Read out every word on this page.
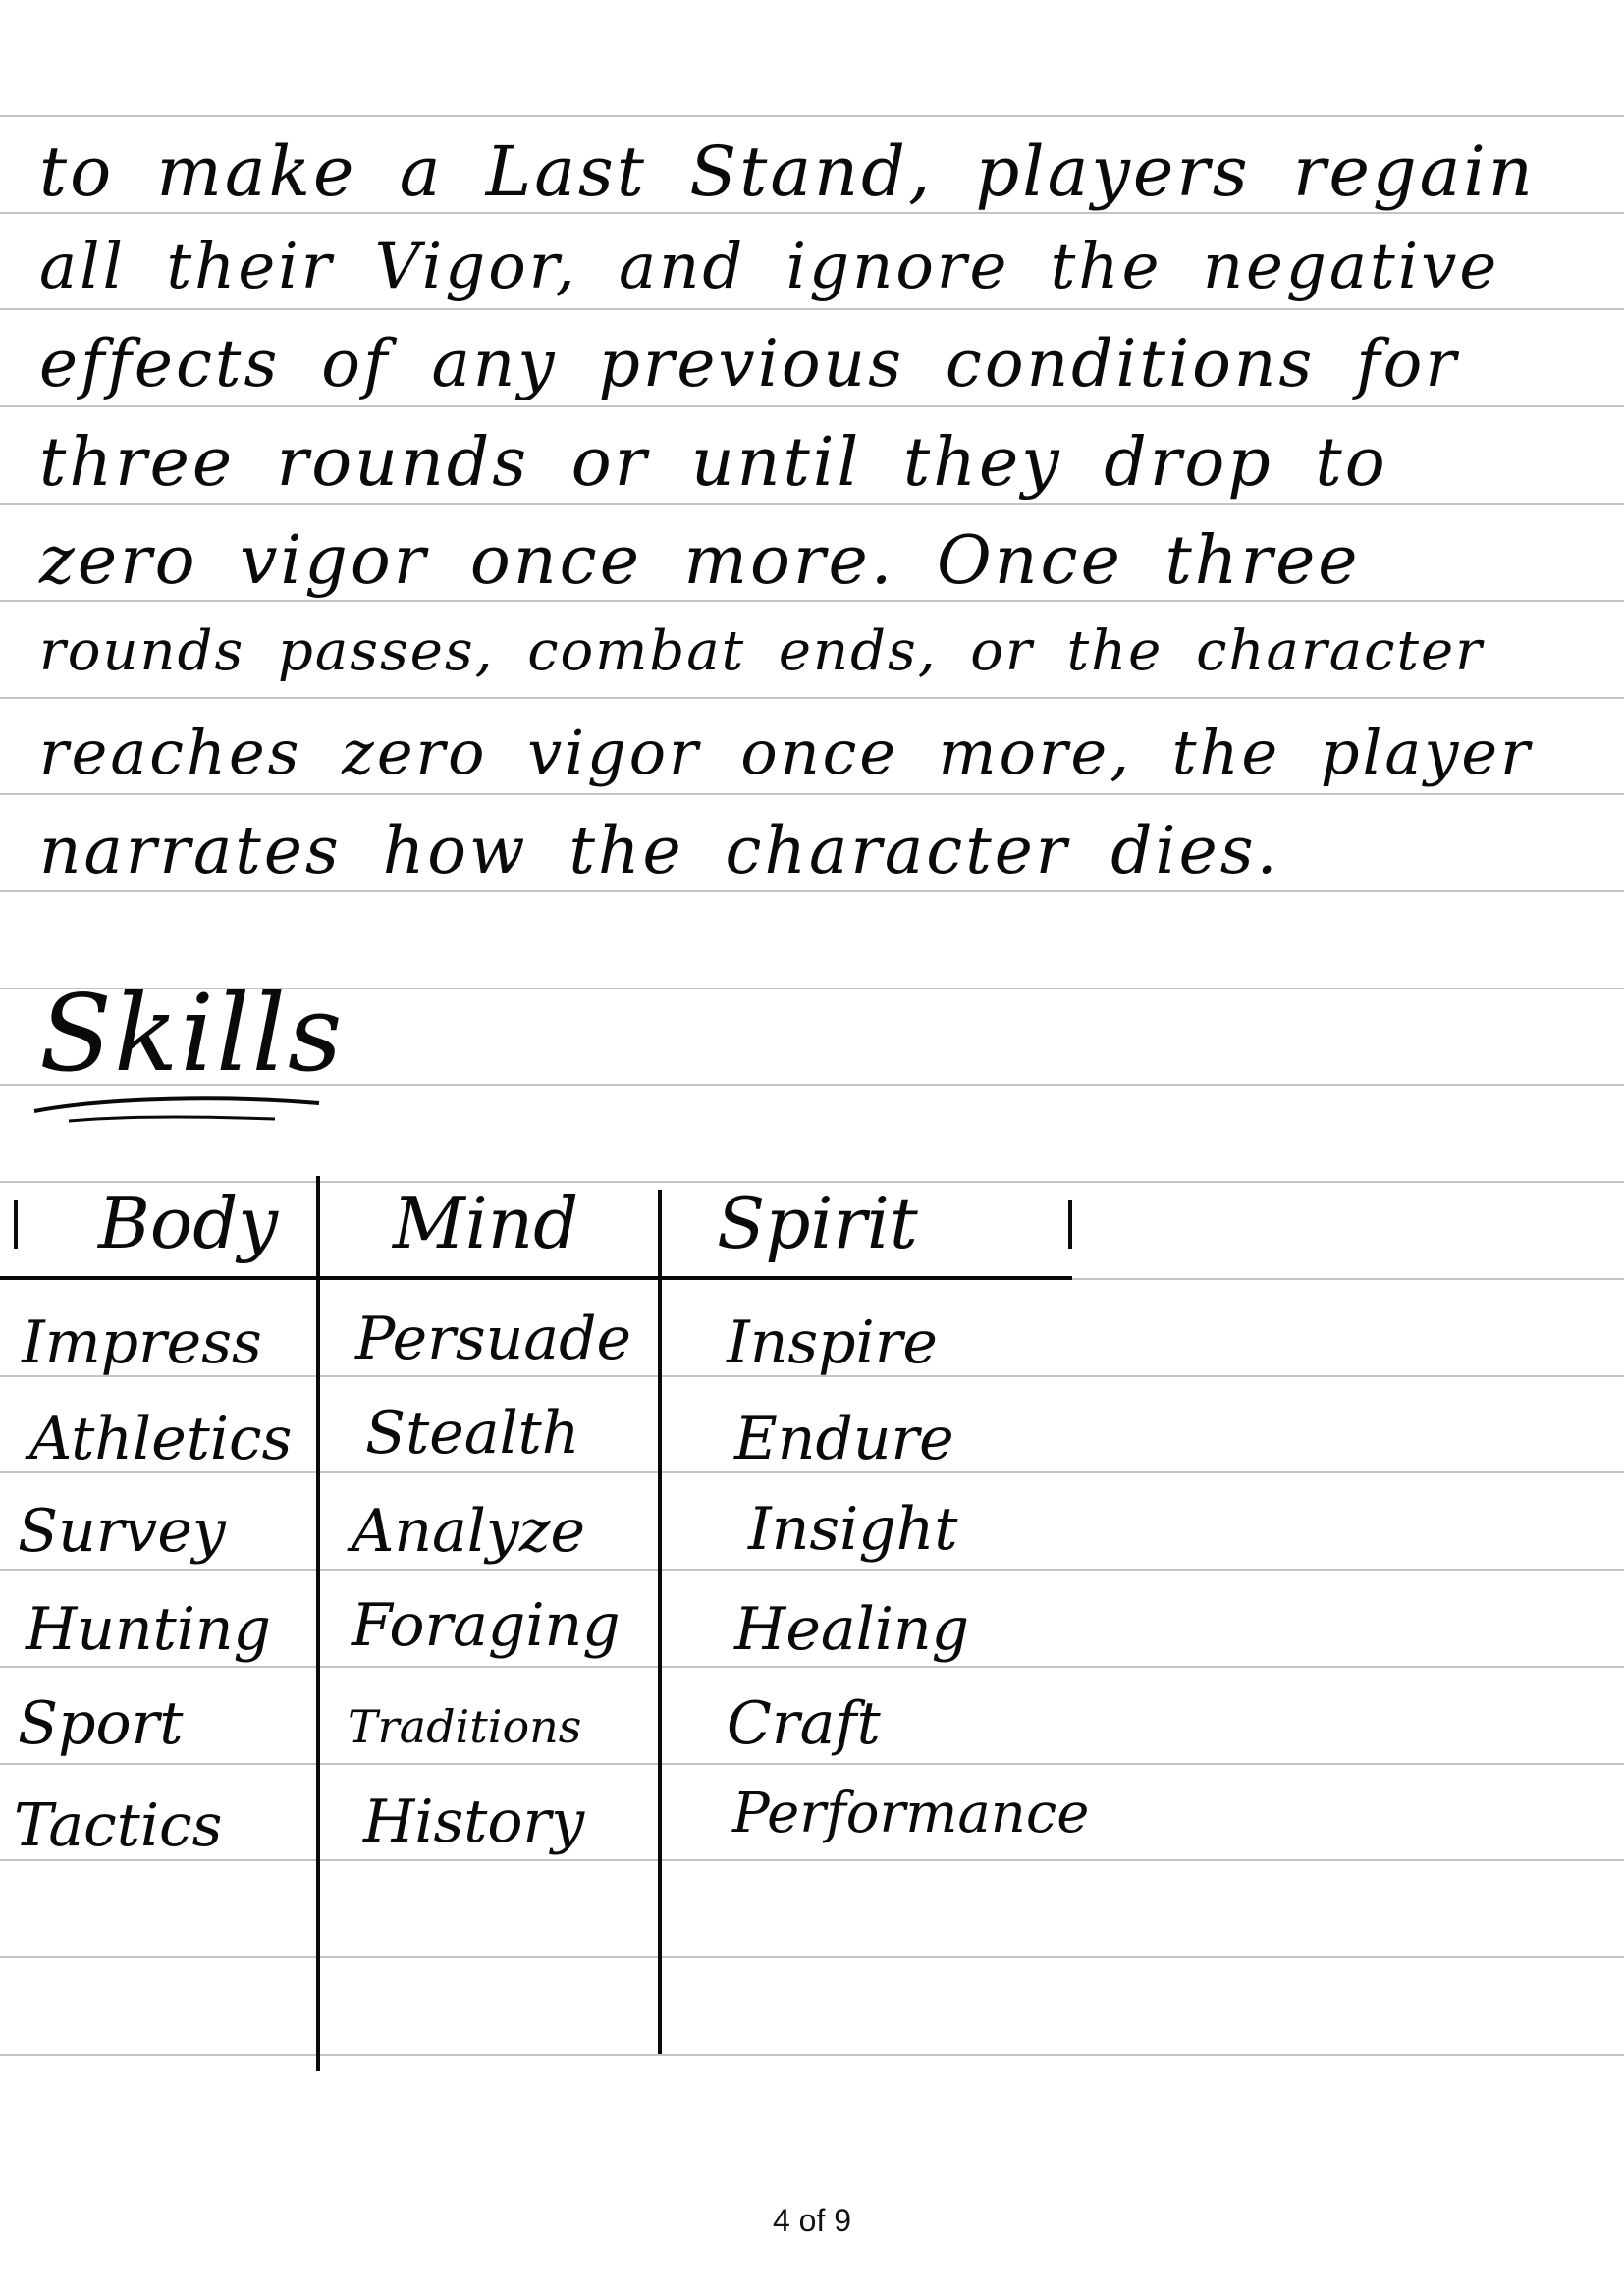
to make a Last Stand, players regain
all their Vigor, and ignore the negative
effects of any previous conditions for
three rounds or until they drop to
zero vigor once more. Once three
rounds passes, combat ends, or the character
reaches zero vigor once more, the player
narrates how the character dies.
Skills
Body Mind Spirit
Impress Persuade Inspire
Athletics Stealth	Endure
Survey Analyze	Insight
Hunting Foraging Healing
Sport	Traditions Craft
Tactics History	Performance
4 of 9
